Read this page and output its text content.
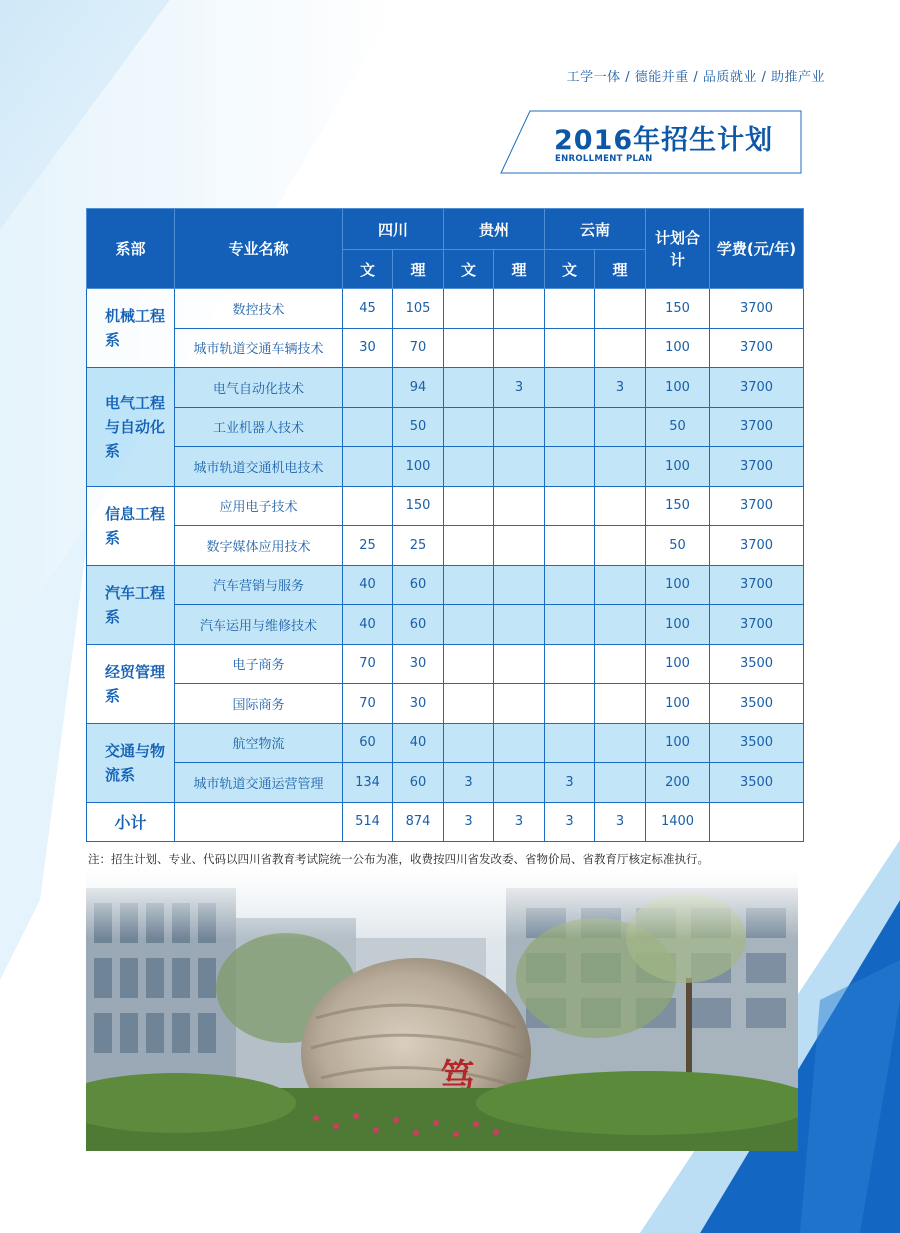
工学一体 / 德能并重 / 品质就业 / 助推产业
2016年招生计划
ENROLLMENT PLAN
系部	专业名称	四川		贵州		云南		计划合计	学费(元/年)
		文	理	文	理	文	理		
机械工程系	数控技术	45	105					150	3700
	城市轨道交通车辆技术	30	70					100	3700
电气工程与自动化系	电气自动化技术		94		3		3	100	3700
	工业机器人技术		50					50	3700
	城市轨道交通机电技术		100					100	3700
信息工程系	应用电子技术		150					150	3700
	数字媒体应用技术	25	25					50	3700
汽车工程系	汽车营销与服务	40	60					100	3700
	汽车运用与维修技术	40	60					100	3700
经贸管理系	电子商务	70	30					100	3500
	国际商务	70	30					100	3500
交通与物流系	航空物流	60	40					100	3500
	城市轨道交通运营管理	134	60	3		3		200	3500
小计		514	874	3	3	3	3	1400	
注：招生计划、专业、代码以四川省教育考试院统一公布为准，收费按四川省发改委、省物价局、省教育厅核定标准执行。
